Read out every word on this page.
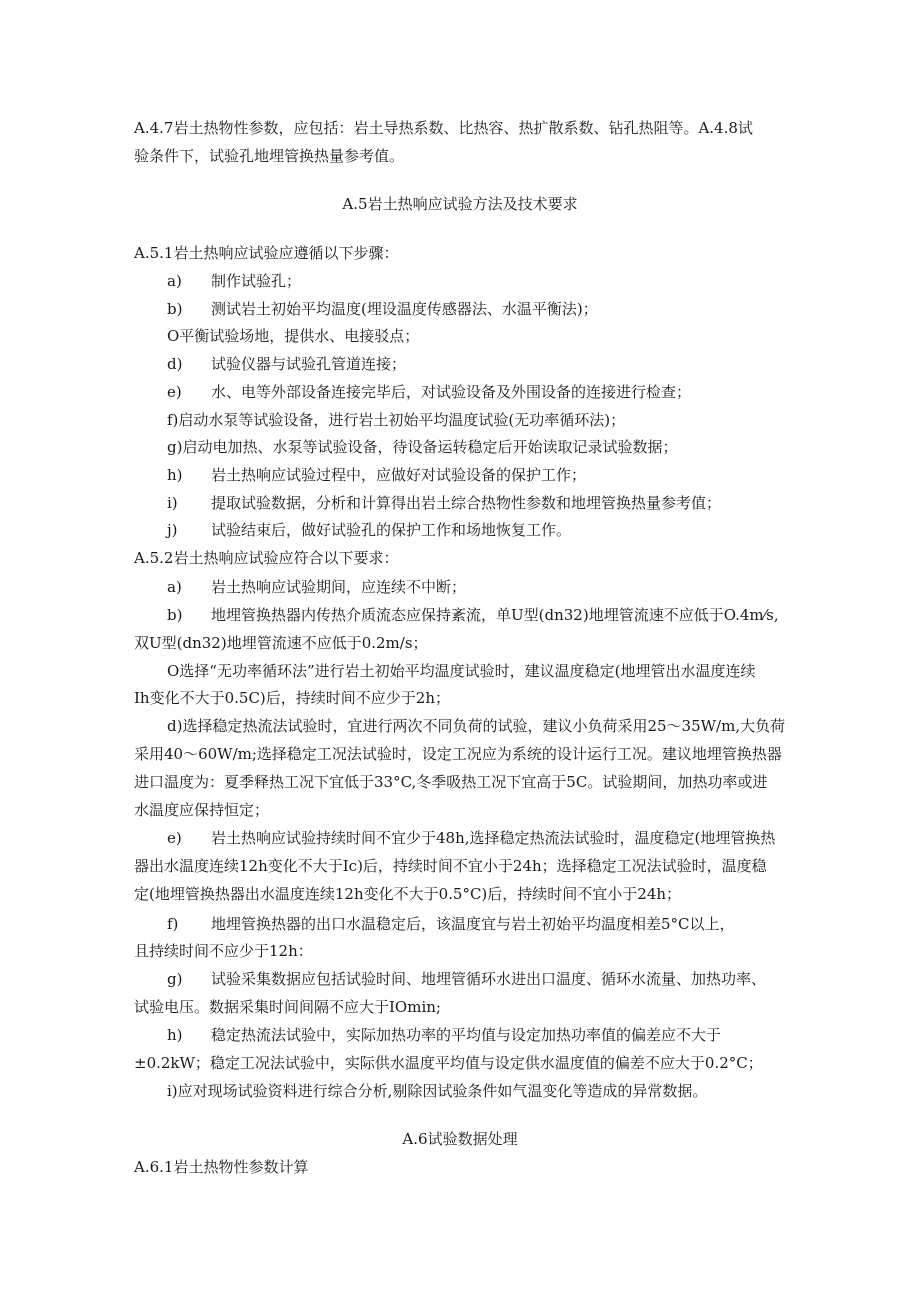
A.4.7岩土热物性参数，应包括：岩土导热系数、比热容、热扩散系数、钻孔热阻等。A.4.8试
验条件下，试验孔地埋管换热量参考值。
A.5岩土热响应试验方法及技术要求
A.5.1岩土热响应试验应遵循以下步骤：
a) 制作试验孔；
b) 测试岩土初始平均温度(埋设温度传感器法、水温平衡法)；
O平衡试验场地，提供水、电接驳点；
d) 试验仪器与试验孔管道连接；
e) 水、电等外部设备连接完毕后，对试验设备及外围设备的连接进行检查；
f)启动水泵等试验设备，进行岩土初始平均温度试验(无功率循环法)；
g)启动电加热、水泵等试验设备，待设备运转稳定后开始读取记录试验数据；
h) 岩土热响应试验过程中，应做好对试验设备的保护工作；
i) 提取试验数据，分析和计算得出岩土综合热物性参数和地埋管换热量参考值；
j) 试验结束后，做好试验孔的保护工作和场地恢复工作。
A.5.2岩土热响应试验应符合以下要求：
a) 岩土热响应试验期间，应连续不中断；
b) 地埋管换热器内传热介质流态应保持紊流，单U型(dn32)地埋管流速不应低于O.4m⁄s,
双U型(dn32)地埋管流速不应低于0.2m/s；
O选择“无功率循环法”进行岩土初始平均温度试验时，建议温度稳定(地埋管出水温度连续
Ih变化不大于0.5C)后，持续时间不应少于2h；
d)选择稳定热流法试验时，宜进行两次不同负荷的试验，建议小负荷采用25～35W/m,大负荷
采用40～60W/m;选择稳定工况法试验时，设定工况应为系统的设计运行工况。建议地埋管换热器
进口温度为：夏季释热工况下宜低于33°C,冬季吸热工况下宜高于5C。试验期间，加热功率或进
水温度应保持恒定；
e) 岩土热响应试验持续时间不宜少于48h,选择稳定热流法试验时，温度稳定(地埋管换热
器出水温度连续12h变化不大于Ic)后，持续时间不宜小于24h；选择稳定工况法试验时，温度稳
定(地埋管换热器出水温度连续12h变化不大于0.5°C)后，持续时间不宜小于24h；
f) 地埋管换热器的出口水温稳定后，该温度宜与岩土初始平均温度相差5°C以上，
且持续时间不应少于12h：
g) 试验采集数据应包括试验时间、地埋管循环水进出口温度、循环水流量、加热功率、
试验电压。数据采集时间间隔不应大于IOmin;
h) 稳定热流法试验中，实际加热功率的平均值与设定加热功率值的偏差应不大于
±0.2kW；稳定工况法试验中，实际供水温度平均值与设定供水温度值的偏差不应大于0.2°C；
i)应对现场试验资料进行综合分析,剔除因试验条件如气温变化等造成的异常数据。
A.6试验数据处理
A.6.1岩土热物性参数计算
